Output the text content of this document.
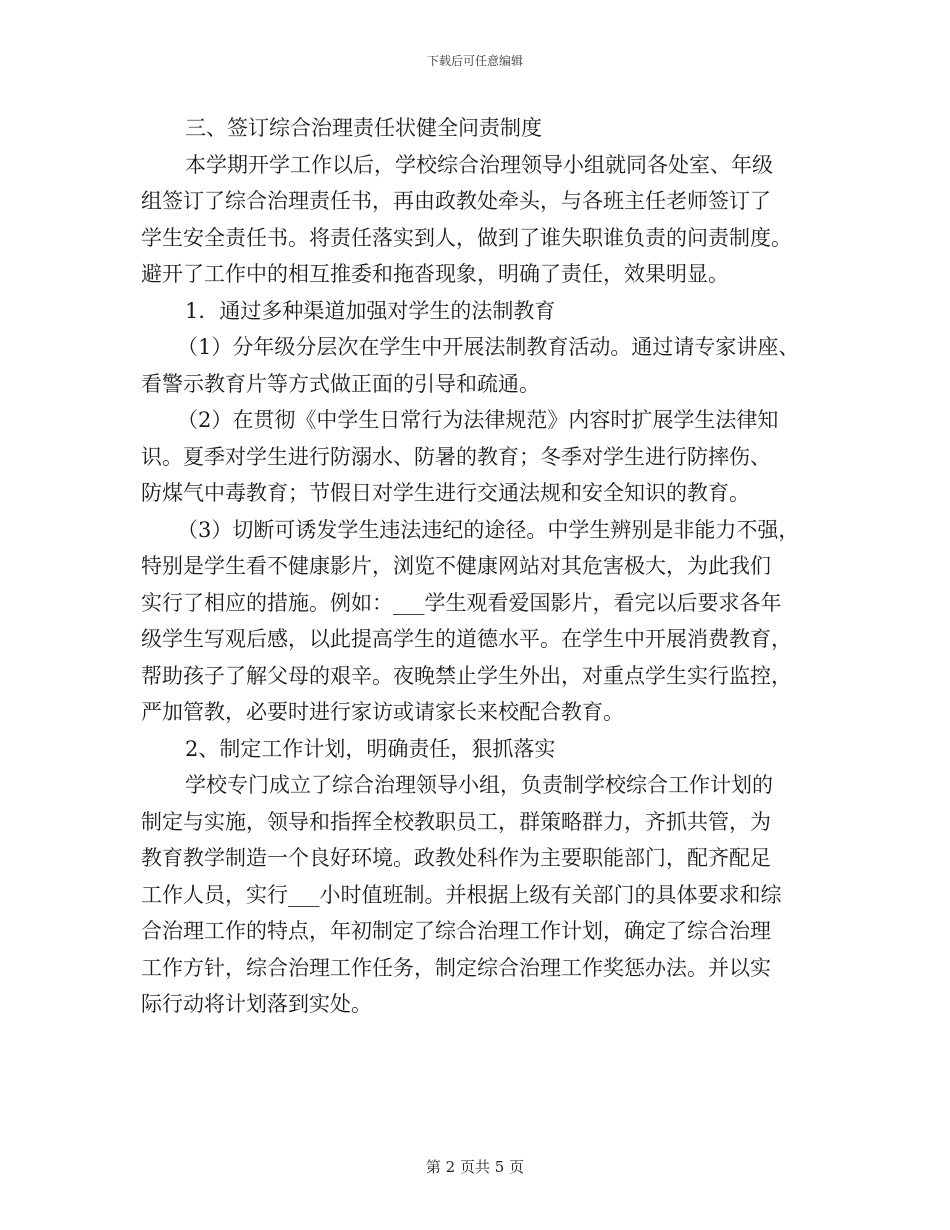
下载后可任意编辑
三、签订综合治理责任状健全问责制度
本学期开学工作以后，学校综合治理领导小组就同各处室、年级
组签订了综合治理责任书，再由政教处牵头，与各班主任老师签订了
学生安全责任书。将责任落实到人，做到了谁失职谁负责的问责制度。
避开了工作中的相互推委和拖沓现象，明确了责任，效果明显。
1．通过多种渠道加强对学生的法制教育
（1）分年级分层次在学生中开展法制教育活动。通过请专家讲座、
看警示教育片等方式做正面的引导和疏通。
（2）在贯彻《中学生日常行为法律规范》内容时扩展学生法律知
识。夏季对学生进行防溺水、防暑的教育；冬季对学生进行防摔伤、
防煤气中毒教育；节假日对学生进行交通法规和安全知识的教育。
（3）切断可诱发学生违法违纪的途径。中学生辨别是非能力不强，
特别是学生看不健康影片，浏览不健康网站对其危害极大，为此我们
实行了相应的措施。例如：___学生观看爱国影片，看完以后要求各年
级学生写观后感，以此提高学生的道德水平。在学生中开展消费教育，
帮助孩子了解父母的艰辛。夜晚禁止学生外出，对重点学生实行监控，
严加管教，必要时进行家访或请家长来校配合教育。
2、制定工作计划，明确责任，狠抓落实
学校专门成立了综合治理领导小组，负责制学校综合工作计划的
制定与实施，领导和指挥全校教职员工，群策略群力，齐抓共管，为
教育教学制造一个良好环境。政教处科作为主要职能部门，配齐配足
工作人员，实行___小时值班制。并根据上级有关部门的具体要求和综
合治理工作的特点，年初制定了综合治理工作计划，确定了综合治理
工作方针，综合治理工作任务，制定综合治理工作奖惩办法。并以实
际行动将计划落到实处。
第 2 页共 5 页
